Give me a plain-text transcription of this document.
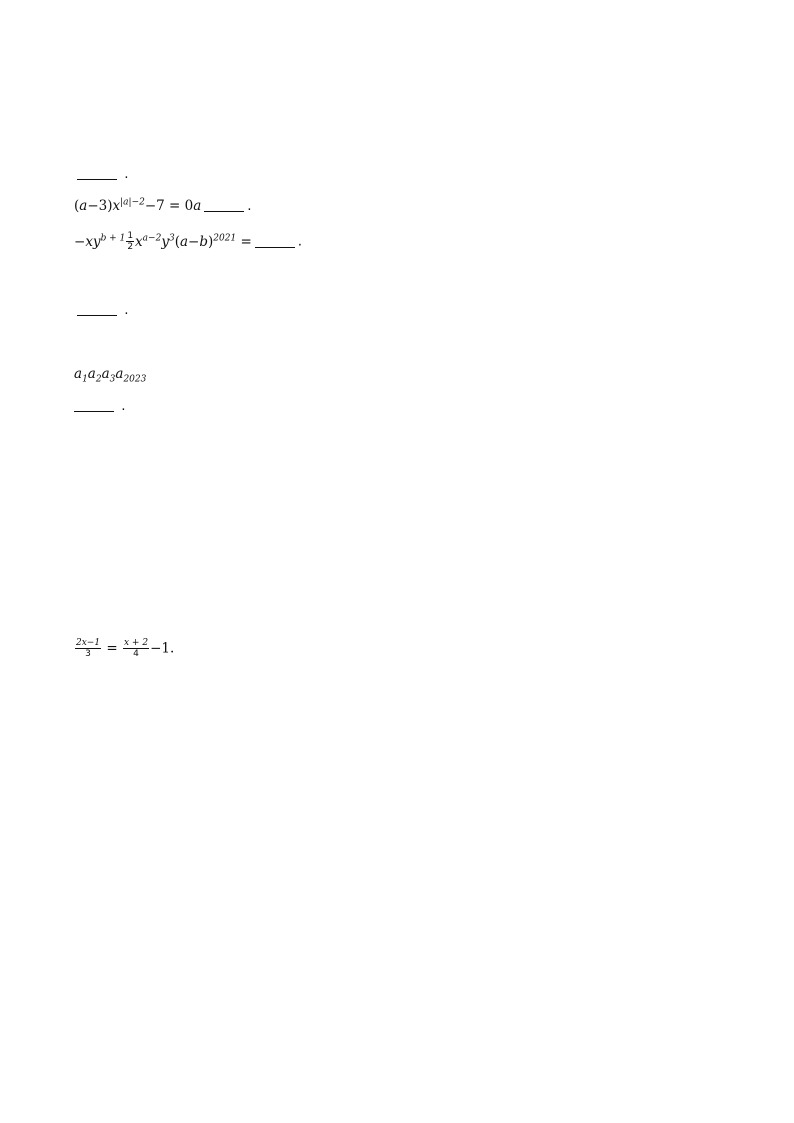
.
$(a-3)x^{|a|-2}-7 = 0a$	.
$-xy^{b + 1} \frac{1}{2} x^{a-2}y^3(a-b)^{2021}$ =	.
.
$a_1a_2a_3a_{2023}$
.
$\frac{2x-1}{3} = \frac{x + 2}{4} -1$.
